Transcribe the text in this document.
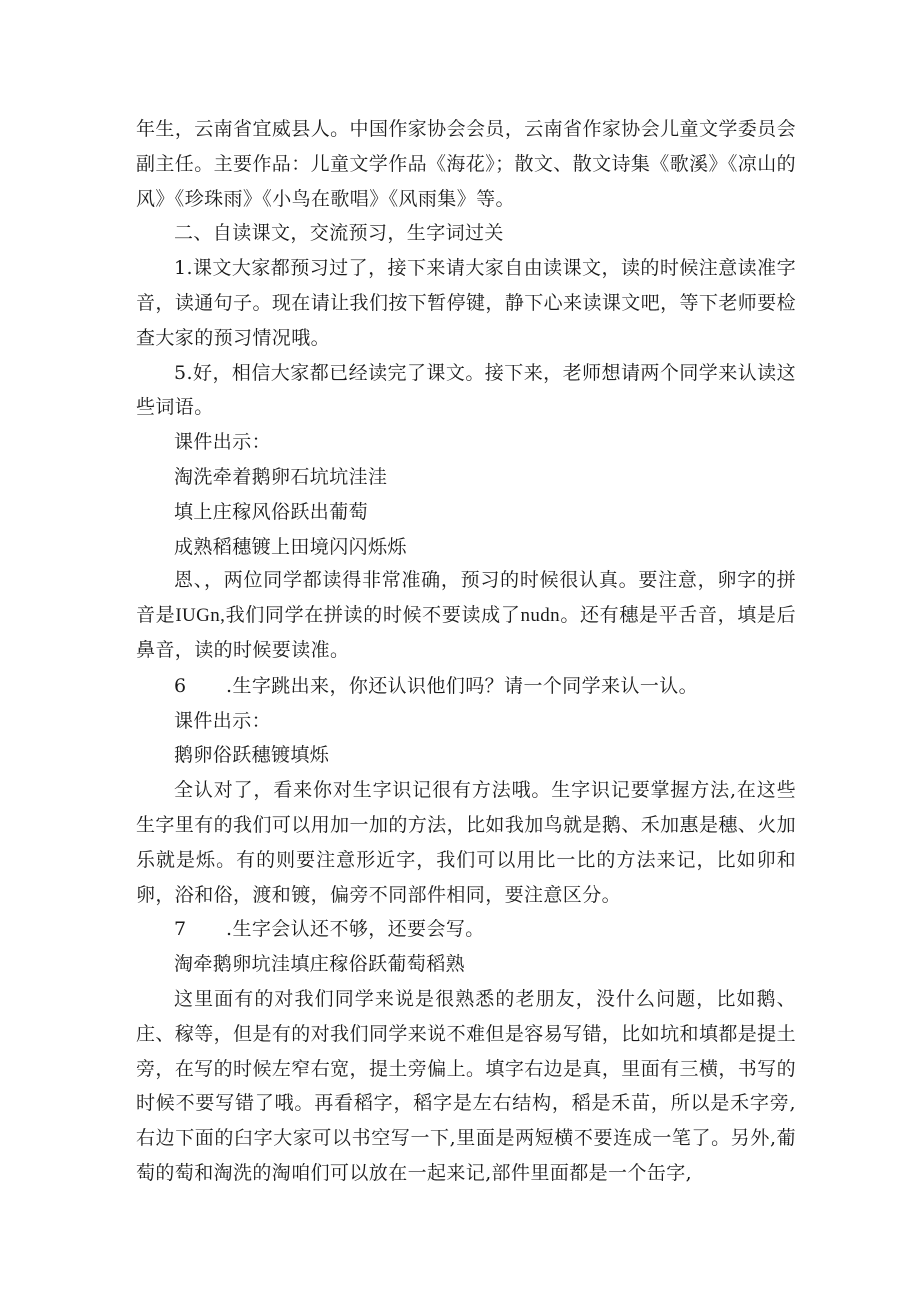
年生，云南省宜威县人。中国作家协会会员，云南省作家协会儿童文学委员会副主任。主要作品：儿童文学作品《海花》；散文、散文诗集《歌溪》《凉山的风》《珍珠雨》《小鸟在歌唱》《风雨集》等。

二、自读课文，交流预习，生字词过关

1.课文大家都预习过了，接下来请大家自由读课文，读的时候注意读准字音，读通句子。现在请让我们按下暂停键，静下心来读课文吧，等下老师要检查大家的预习情况哦。

5.好，相信大家都已经读完了课文。接下来，老师想请两个同学来认读这些词语。

课件出示：

淘洗牵着鹅卵石坑坑洼洼

填上庄稼风俗跃出葡萄

成熟稻穗镀上田境闪闪烁烁

恩、，两位同学都读得非常准确，预习的时候很认真。要注意，卵字的拼音是IUGn,我们同学在拼读的时候不要读成了nudn。还有穗是平舌音，填是后鼻音，读的时候要读准。

6 .生字跳出来，你还认识他们吗？请一个同学来认一认。

课件出示：

鹅卵俗跃穗镀填烁

全认对了，看来你对生字识记很有方法哦。生字识记要掌握方法,在这些生字里有的我们可以用加一加的方法，比如我加鸟就是鹅、禾加惠是穗、火加乐就是烁。有的则要注意形近字，我们可以用比一比的方法来记，比如卯和卵，浴和俗，渡和镀，偏旁不同部件相同，要注意区分。

7 .生字会认还不够，还要会写。

淘牵鹅卵坑洼填庄稼俗跃葡萄稻熟

这里面有的对我们同学来说是很熟悉的老朋友，没什么问题，比如鹅、庄、稼等，但是有的对我们同学来说不难但是容易写错，比如坑和填都是提土旁，在写的时候左窄右宽，提土旁偏上。填字右边是真，里面有三横，书写的时候不要写错了哦。再看稻字，稻字是左右结构，稻是禾苗，所以是禾字旁,右边下面的臼字大家可以书空写一下,里面是两短横不要连成一笔了。另外,葡萄的萄和淘洗的淘咱们可以放在一起来记,部件里面都是一个缶字,
